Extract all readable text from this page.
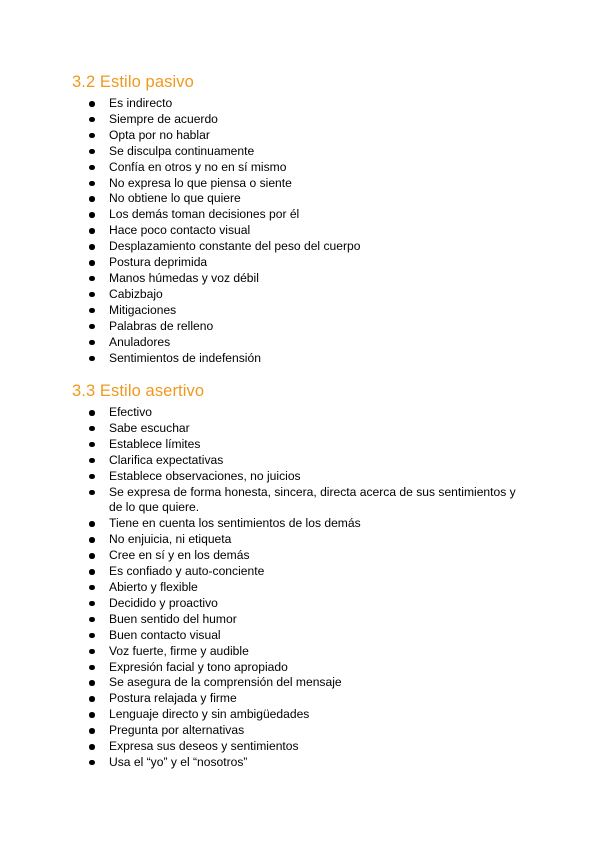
3.2 Estilo pasivo
Es indirecto
Siempre de acuerdo
Opta por no hablar
Se disculpa continuamente
Confía en otros y no en sí mismo
No expresa lo que piensa o siente
No obtiene lo que quiere
Los demás toman decisiones por él
Hace poco contacto visual
Desplazamiento constante del peso del cuerpo
Postura deprimida
Manos húmedas y voz débil
Cabizbajo
Mitigaciones
Palabras de relleno
Anuladores
Sentimientos de indefensión
3.3 Estilo asertivo
Efectivo
Sabe escuchar
Establece límites
Clarifica expectativas
Establece observaciones, no juicios
Se expresa de forma honesta, sincera, directa acerca de sus sentimientos y de lo que quiere.
Tiene en cuenta los sentimientos de los demás
No enjuicia, ni etiqueta
Cree en sí y en los demás
Es confiado y auto-conciente
Abierto y flexible
Decidido y proactivo
Buen sentido del humor
Buen contacto visual
Voz fuerte, firme y audible
Expresión facial y tono apropiado
Se asegura de la comprensión del mensaje
Postura relajada y firme
Lenguaje directo y sin ambigüedades
Pregunta por alternativas
Expresa sus deseos y sentimientos
Usa el “yo” y el “nosotros”
